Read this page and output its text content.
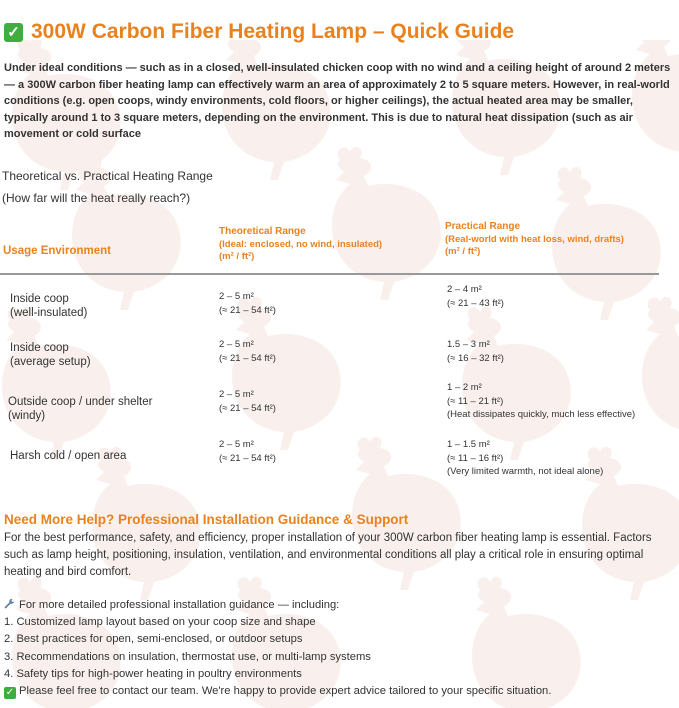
✓ 300W Carbon Fiber Heating Lamp – Quick Guide
Under ideal conditions — such as in a closed, well-insulated chicken coop with no wind and a ceiling height of around 2 meters — a 300W carbon fiber heating lamp can effectively warm an area of approximately 2 to 5 square meters. However, in real-world conditions (e.g. open coops, windy environments, cold floors, or higher ceilings), the actual heated area may be smaller, typically around 1 to 3 square meters, depending on the environment. This is due to natural heat dissipation (such as air movement or cold surface
Theoretical vs. Practical Heating Range
(How far will the heat really reach?)
Usage Environment
Theoretical Range
(Ideal: enclosed, no wind, insulated)
(m² / ft²)
Practical Range
(Real-world with heat loss, wind, drafts)
(m² / ft²)
Inside coop
(well-insulated)
2 – 5 m²
(≈ 21 – 54 ft²)
2 – 4 m²
(≈ 21 – 43 ft²)
Inside coop
(average setup)
2 – 5 m²
(≈ 21 – 54 ft²)
1.5 – 3 m²
(≈ 16 – 32 ft²)
Outside coop / under shelter
(windy)
2 – 5 m²
(≈ 21 – 54 ft²)
1 – 2 m²
(≈ 11 – 21 ft²)
(Heat dissipates quickly, much less effective)
Harsh cold / open area
2 – 5 m²
(≈ 21 – 54 ft²)
1 – 1.5 m²
(≈ 11 – 16 ft²)
(Very limited warmth, not ideal alone)
Need More Help? Professional Installation Guidance & Support
For the best performance, safety, and efficiency, proper installation of your 300W carbon fiber heating lamp is essential. Factors such as lamp height, positioning, insulation, ventilation, and environmental conditions all play a critical role in ensuring optimal heating and bird comfort.
For more detailed professional installation guidance — including:
1. Customized lamp layout based on your coop size and shape
2. Best practices for open, semi-enclosed, or outdoor setups
3. Recommendations on insulation, thermostat use, or multi-lamp systems
4. Safety tips for high-power heating in poultry environments
✓ Please feel free to contact our team. We're happy to provide expert advice tailored to your specific situation.
